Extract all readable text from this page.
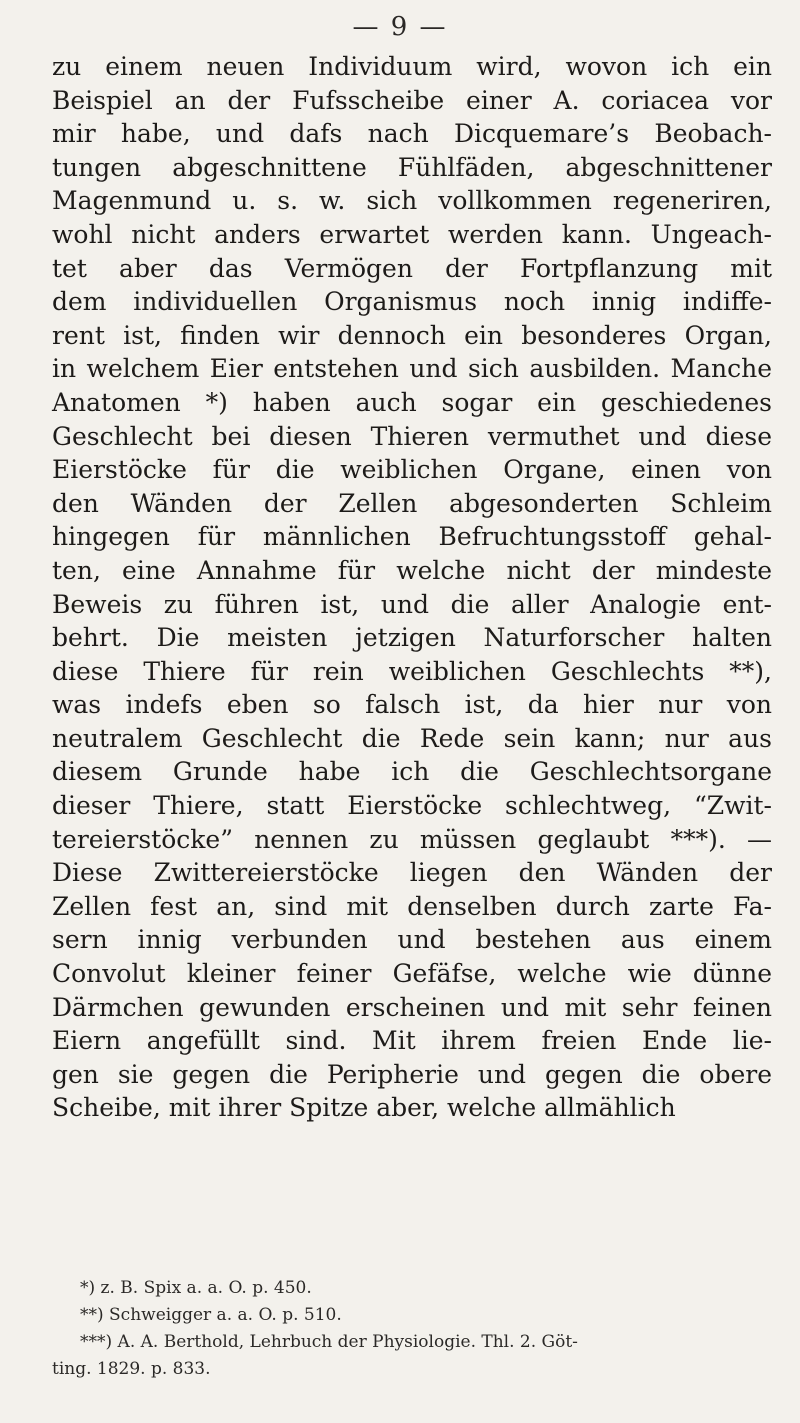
— 9 —
zu einem neuen Individuum wird, wovon ich ein
Beispiel an der Fufsscheibe einer A. coriacea vor
mir habe, und dafs nach Dicquemare’s Beobach-
tungen abgeschnittene Fühlfäden, abgeschnittener
Magenmund u. s. w. sich vollkommen regeneriren,
wohl nicht anders erwartet werden kann. Ungeach-
tet aber das Vermögen der Fortpflanzung mit
dem individuellen Organismus noch innig indiffe-
rent ist, finden wir dennoch ein besonderes Organ,
in welchem Eier entstehen und sich ausbilden. Manche
Anatomen *) haben auch sogar ein geschiedenes
Geschlecht bei diesen Thieren vermuthet und diese
Eierstöcke für die weiblichen Organe, einen von
den Wänden der Zellen abgesonderten Schleim
hingegen für männlichen Befruchtungsstoff gehal-
ten, eine Annahme für welche nicht der mindeste
Beweis zu führen ist, und die aller Analogie ent-
behrt. Die meisten jetzigen Naturforscher halten
diese Thiere für rein weiblichen Geschlechts **),
was indefs eben so falsch ist, da hier nur von
neutralem Geschlecht die Rede sein kann; nur aus
diesem Grunde habe ich die Geschlechtsorgane
dieser Thiere, statt Eierstöcke schlechtweg, “Zwit-
tereierstöcke” nennen zu müssen geglaubt ***). —
Diese Zwittereierstöcke liegen den Wänden der
Zellen fest an, sind mit denselben durch zarte Fa-
sern innig verbunden und bestehen aus einem
Convolut kleiner feiner Gefäfse, welche wie dünne
Därmchen gewunden erscheinen und mit sehr feinen
Eiern angefüllt sind. Mit ihrem freien Ende lie-
gen sie gegen die Peripherie und gegen die obere
Scheibe, mit ihrer Spitze aber, welche allmählich
*) z. B. Spix a. a. O. p. 450.
**) Schweigger a. a. O. p. 510.
***) A. A. Berthold, Lehrbuch der Physiologie. Thl. 2. Göt-
ting. 1829. p. 833.
